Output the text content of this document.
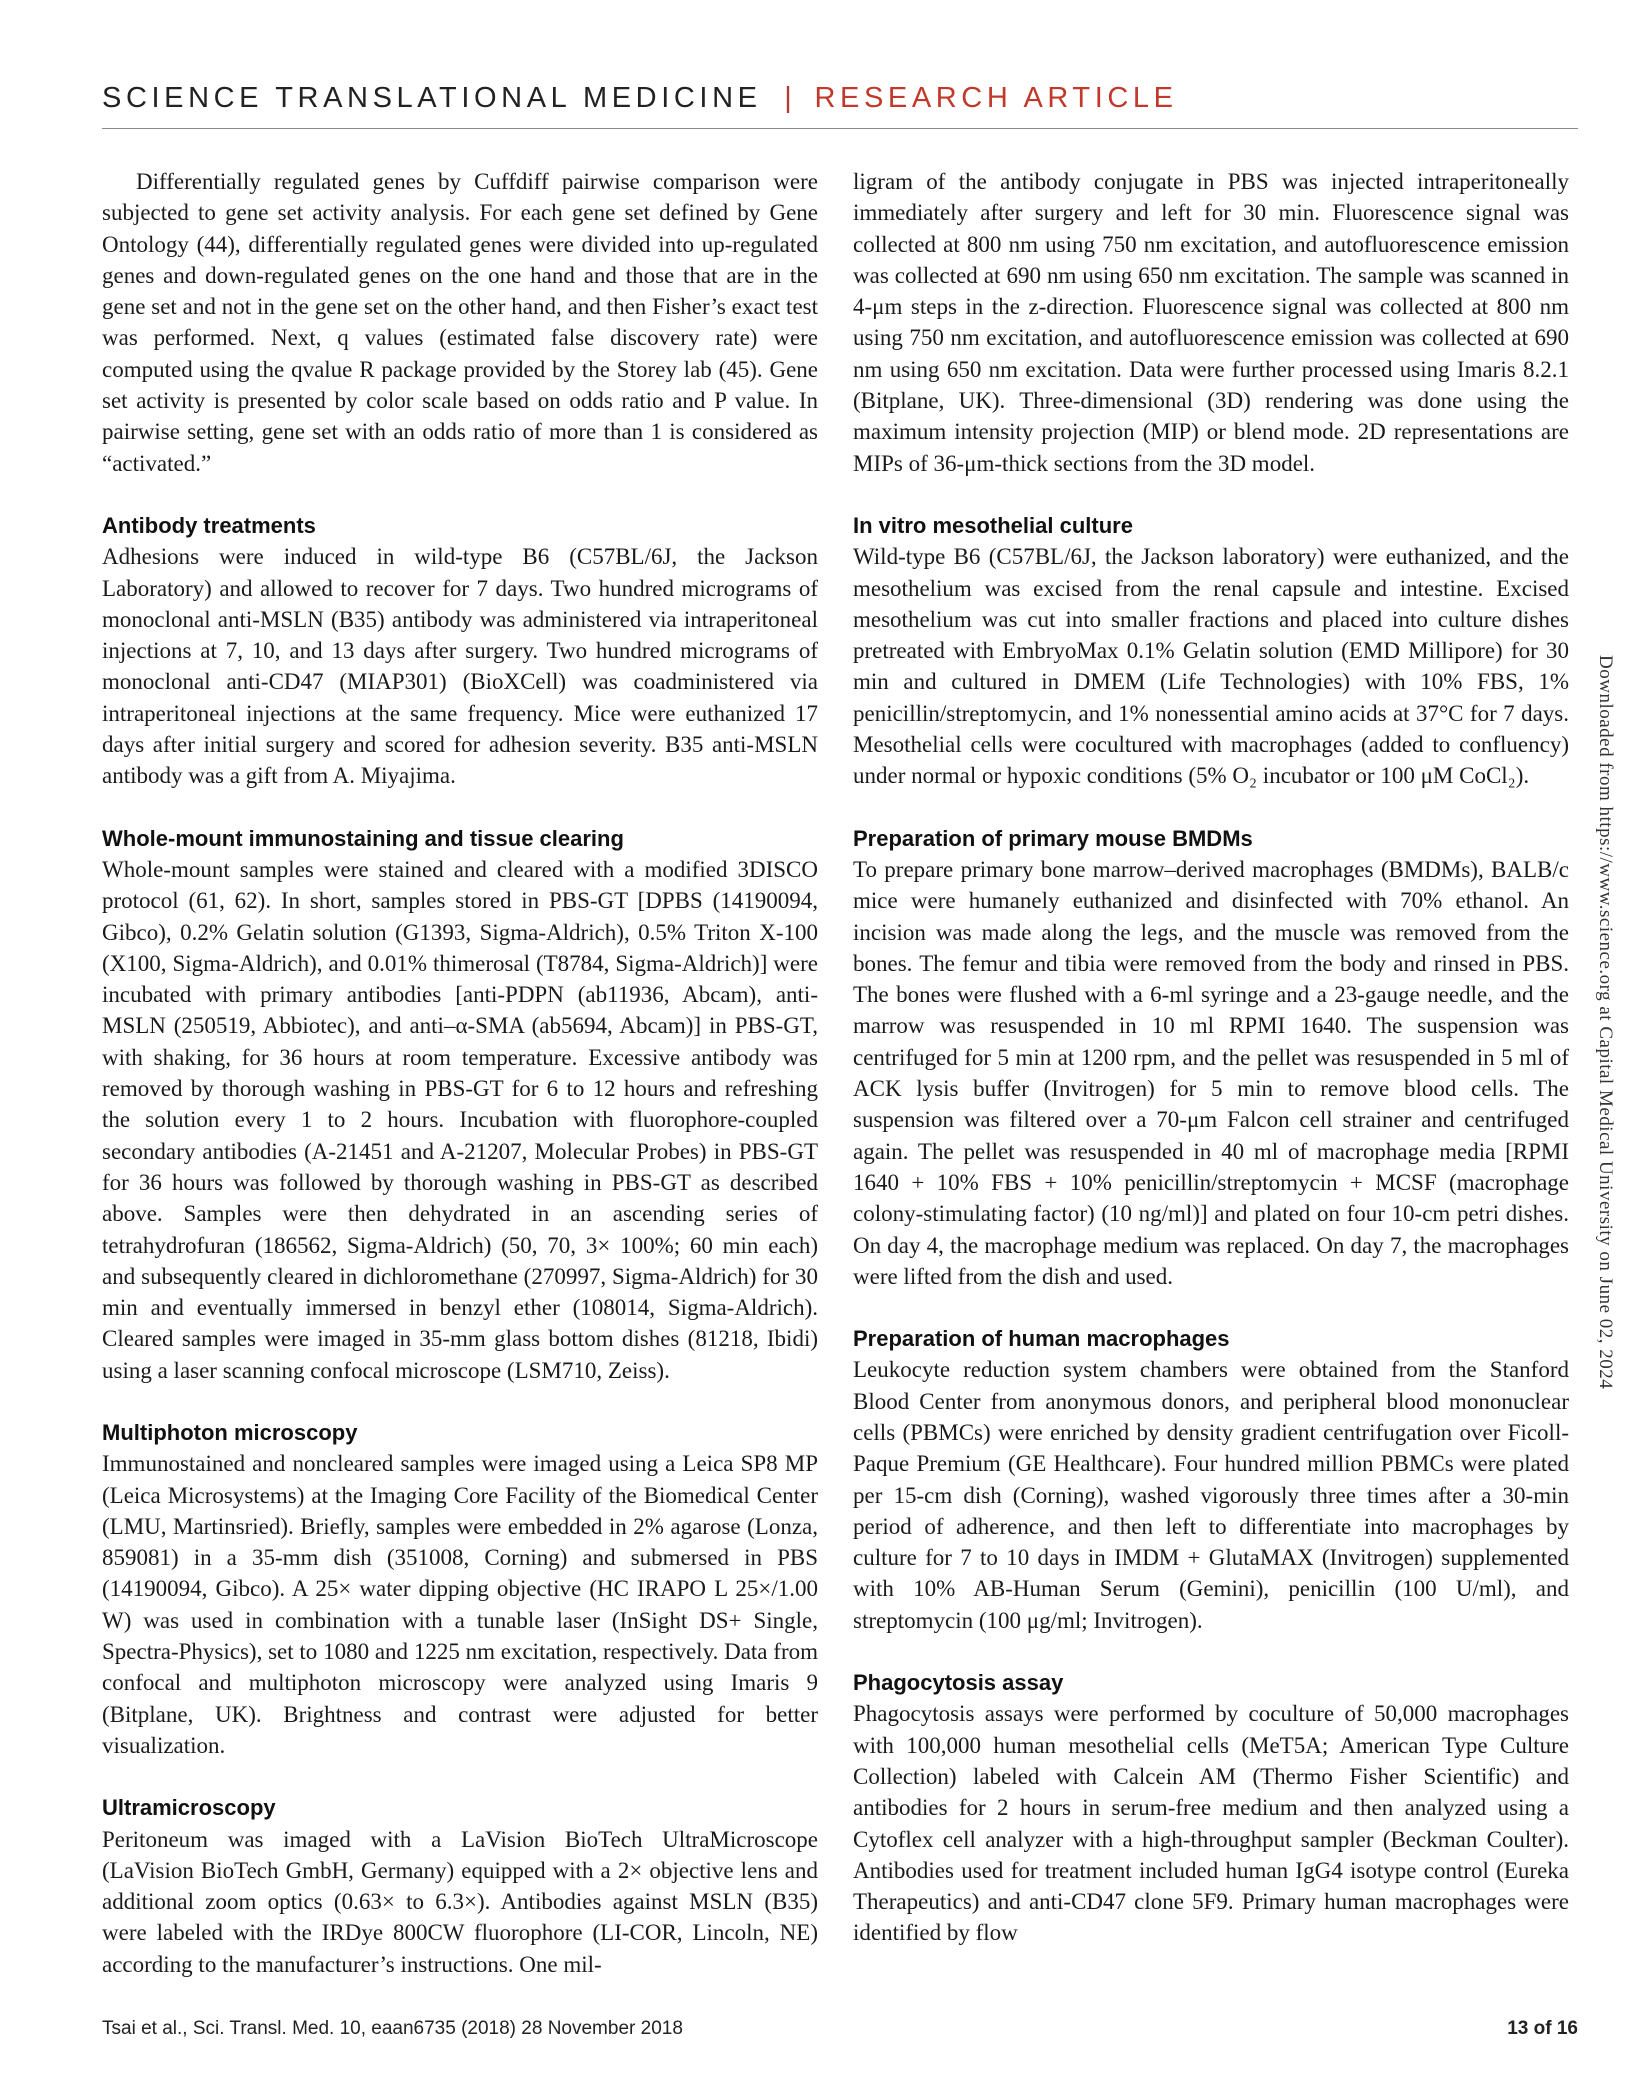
SCIENCE TRANSLATIONAL MEDICINE | RESEARCH ARTICLE

Differentially regulated genes by Cuffdiff pairwise comparison were subjected to gene set activity analysis. For each gene set defined by Gene Ontology (44), differentially regulated genes were divided into up-regulated genes and down-regulated genes on the one hand and those that are in the gene set and not in the gene set on the other hand, and then Fisher’s exact test was performed. Next, q values (estimated false discovery rate) were computed using the qvalue R package provided by the Storey lab (45). Gene set activity is presented by color scale based on odds ratio and P value. In pairwise setting, gene set with an odds ratio of more than 1 is considered as “activated.”

Antibody treatments

Adhesions were induced in wild-type B6 (C57BL/6J, the Jackson Laboratory) and allowed to recover for 7 days. Two hundred micrograms of monoclonal anti-MSLN (B35) antibody was administered via intraperitoneal injections at 7, 10, and 13 days after surgery. Two hundred micrograms of monoclonal anti-CD47 (MIAP301) (BioXCell) was coadministered via intraperitoneal injections at the same frequency. Mice were euthanized 17 days after initial surgery and scored for adhesion severity. B35 anti-MSLN antibody was a gift from A. Miyajima.

Whole-mount immunostaining and tissue clearing

Whole-mount samples were stained and cleared with a modified 3DISCO protocol (61, 62). In short, samples stored in PBS-GT [DPBS (14190094, Gibco), 0.2% Gelatin solution (G1393, Sigma-Aldrich), 0.5% Triton X-100 (X100, Sigma-Aldrich), and 0.01% thimerosal (T8784, Sigma-Aldrich)] were incubated with primary antibodies [anti-PDPN (ab11936, Abcam), anti-MSLN (250519, Abbiotec), and anti–α-SMA (ab5694, Abcam)] in PBS-GT, with shaking, for 36 hours at room temperature. Excessive antibody was removed by thorough washing in PBS-GT for 6 to 12 hours and refreshing the solution every 1 to 2 hours. Incubation with fluorophore-coupled secondary antibodies (A-21451 and A-21207, Molecular Probes) in PBS-GT for 36 hours was followed by thorough washing in PBS-GT as described above. Samples were then dehydrated in an ascending series of tetrahydrofuran (186562, Sigma-Aldrich) (50, 70, 3× 100%; 60 min each) and subsequently cleared in dichloromethane (270997, Sigma-Aldrich) for 30 min and eventually immersed in benzyl ether (108014, Sigma-Aldrich). Cleared samples were imaged in 35-mm glass bottom dishes (81218, Ibidi) using a laser scanning confocal microscope (LSM710, Zeiss).

Multiphoton microscopy

Immunostained and noncleared samples were imaged using a Leica SP8 MP (Leica Microsystems) at the Imaging Core Facility of the Biomedical Center (LMU, Martinsried). Briefly, samples were embedded in 2% agarose (Lonza, 859081) in a 35-mm dish (351008, Corning) and submersed in PBS (14190094, Gibco). A 25× water dipping objective (HC IRAPO L 25×/1.00 W) was used in combination with a tunable laser (InSight DS+ Single, Spectra-Physics), set to 1080 and 1225 nm excitation, respectively. Data from confocal and multiphoton microscopy were analyzed using Imaris 9 (Bitplane, UK). Brightness and contrast were adjusted for better visualization.

Ultramicroscopy

Peritoneum was imaged with a LaVision BioTech UltraMicroscope (LaVision BioTech GmbH, Germany) equipped with a 2× objective lens and additional zoom optics (0.63× to 6.3×). Antibodies against MSLN (B35) were labeled with the IRDye 800CW fluorophore (LI-COR, Lincoln, NE) according to the manufacturer’s instructions. One mil-

ligram of the antibody conjugate in PBS was injected intraperitoneally immediately after surgery and left for 30 min. Fluorescence signal was collected at 800 nm using 750 nm excitation, and autofluorescence emission was collected at 690 nm using 650 nm excitation. The sample was scanned in 4-μm steps in the z-direction. Fluorescence signal was collected at 800 nm using 750 nm excitation, and autofluorescence emission was collected at 690 nm using 650 nm excitation. Data were further processed using Imaris 8.2.1 (Bitplane, UK). Three-dimensional (3D) rendering was done using the maximum intensity projection (MIP) or blend mode. 2D representations are MIPs of 36-μm-thick sections from the 3D model.

In vitro mesothelial culture

Wild-type B6 (C57BL/6J, the Jackson laboratory) were euthanized, and the mesothelium was excised from the renal capsule and intestine. Excised mesothelium was cut into smaller fractions and placed into culture dishes pretreated with EmbryoMax 0.1% Gelatin solution (EMD Millipore) for 30 min and cultured in DMEM (Life Technologies) with 10% FBS, 1% penicillin/streptomycin, and 1% nonessential amino acids at 37°C for 7 days. Mesothelial cells were cocultured with macrophages (added to confluency) under normal or hypoxic conditions (5% O₂ incubator or 100 μM CoCl₂).

Preparation of primary mouse BMDMs

To prepare primary bone marrow–derived macrophages (BMDMs), BALB/c mice were humanely euthanized and disinfected with 70% ethanol. An incision was made along the legs, and the muscle was removed from the bones. The femur and tibia were removed from the body and rinsed in PBS. The bones were flushed with a 6-ml syringe and a 23-gauge needle, and the marrow was resuspended in 10 ml RPMI 1640. The suspension was centrifuged for 5 min at 1200 rpm, and the pellet was resuspended in 5 ml of ACK lysis buffer (Invitrogen) for 5 min to remove blood cells. The suspension was filtered over a 70-μm Falcon cell strainer and centrifuged again. The pellet was resuspended in 40 ml of macrophage media [RPMI 1640 + 10% FBS + 10% penicillin/streptomycin + MCSF (macrophage colony-stimulating factor) (10 ng/ml)] and plated on four 10-cm petri dishes. On day 4, the macrophage medium was replaced. On day 7, the macrophages were lifted from the dish and used.

Preparation of human macrophages

Leukocyte reduction system chambers were obtained from the Stanford Blood Center from anonymous donors, and peripheral blood mononuclear cells (PBMCs) were enriched by density gradient centrifugation over Ficoll-Paque Premium (GE Healthcare). Four hundred million PBMCs were plated per 15-cm dish (Corning), washed vigorously three times after a 30-min period of adherence, and then left to differentiate into macrophages by culture for 7 to 10 days in IMDM + GlutaMAX (Invitrogen) supplemented with 10% AB-Human Serum (Gemini), penicillin (100 U/ml), and streptomycin (100 μg/ml; Invitrogen).

Phagocytosis assay

Phagocytosis assays were performed by coculture of 50,000 macrophages with 100,000 human mesothelial cells (MeT5A; American Type Culture Collection) labeled with Calcein AM (Thermo Fisher Scientific) and antibodies for 2 hours in serum-free medium and then analyzed using a Cytoflex cell analyzer with a high-throughput sampler (Beckman Coulter). Antibodies used for treatment included human IgG4 isotype control (Eureka Therapeutics) and anti-CD47 clone 5F9. Primary human macrophages were identified by flow

Downloaded from https://www.science.org at Capital Medical University on June 02, 2024
Tsai et al., Sci. Transl. Med. 10, eaan6735 (2018) 28 November 2018	13 of 16
